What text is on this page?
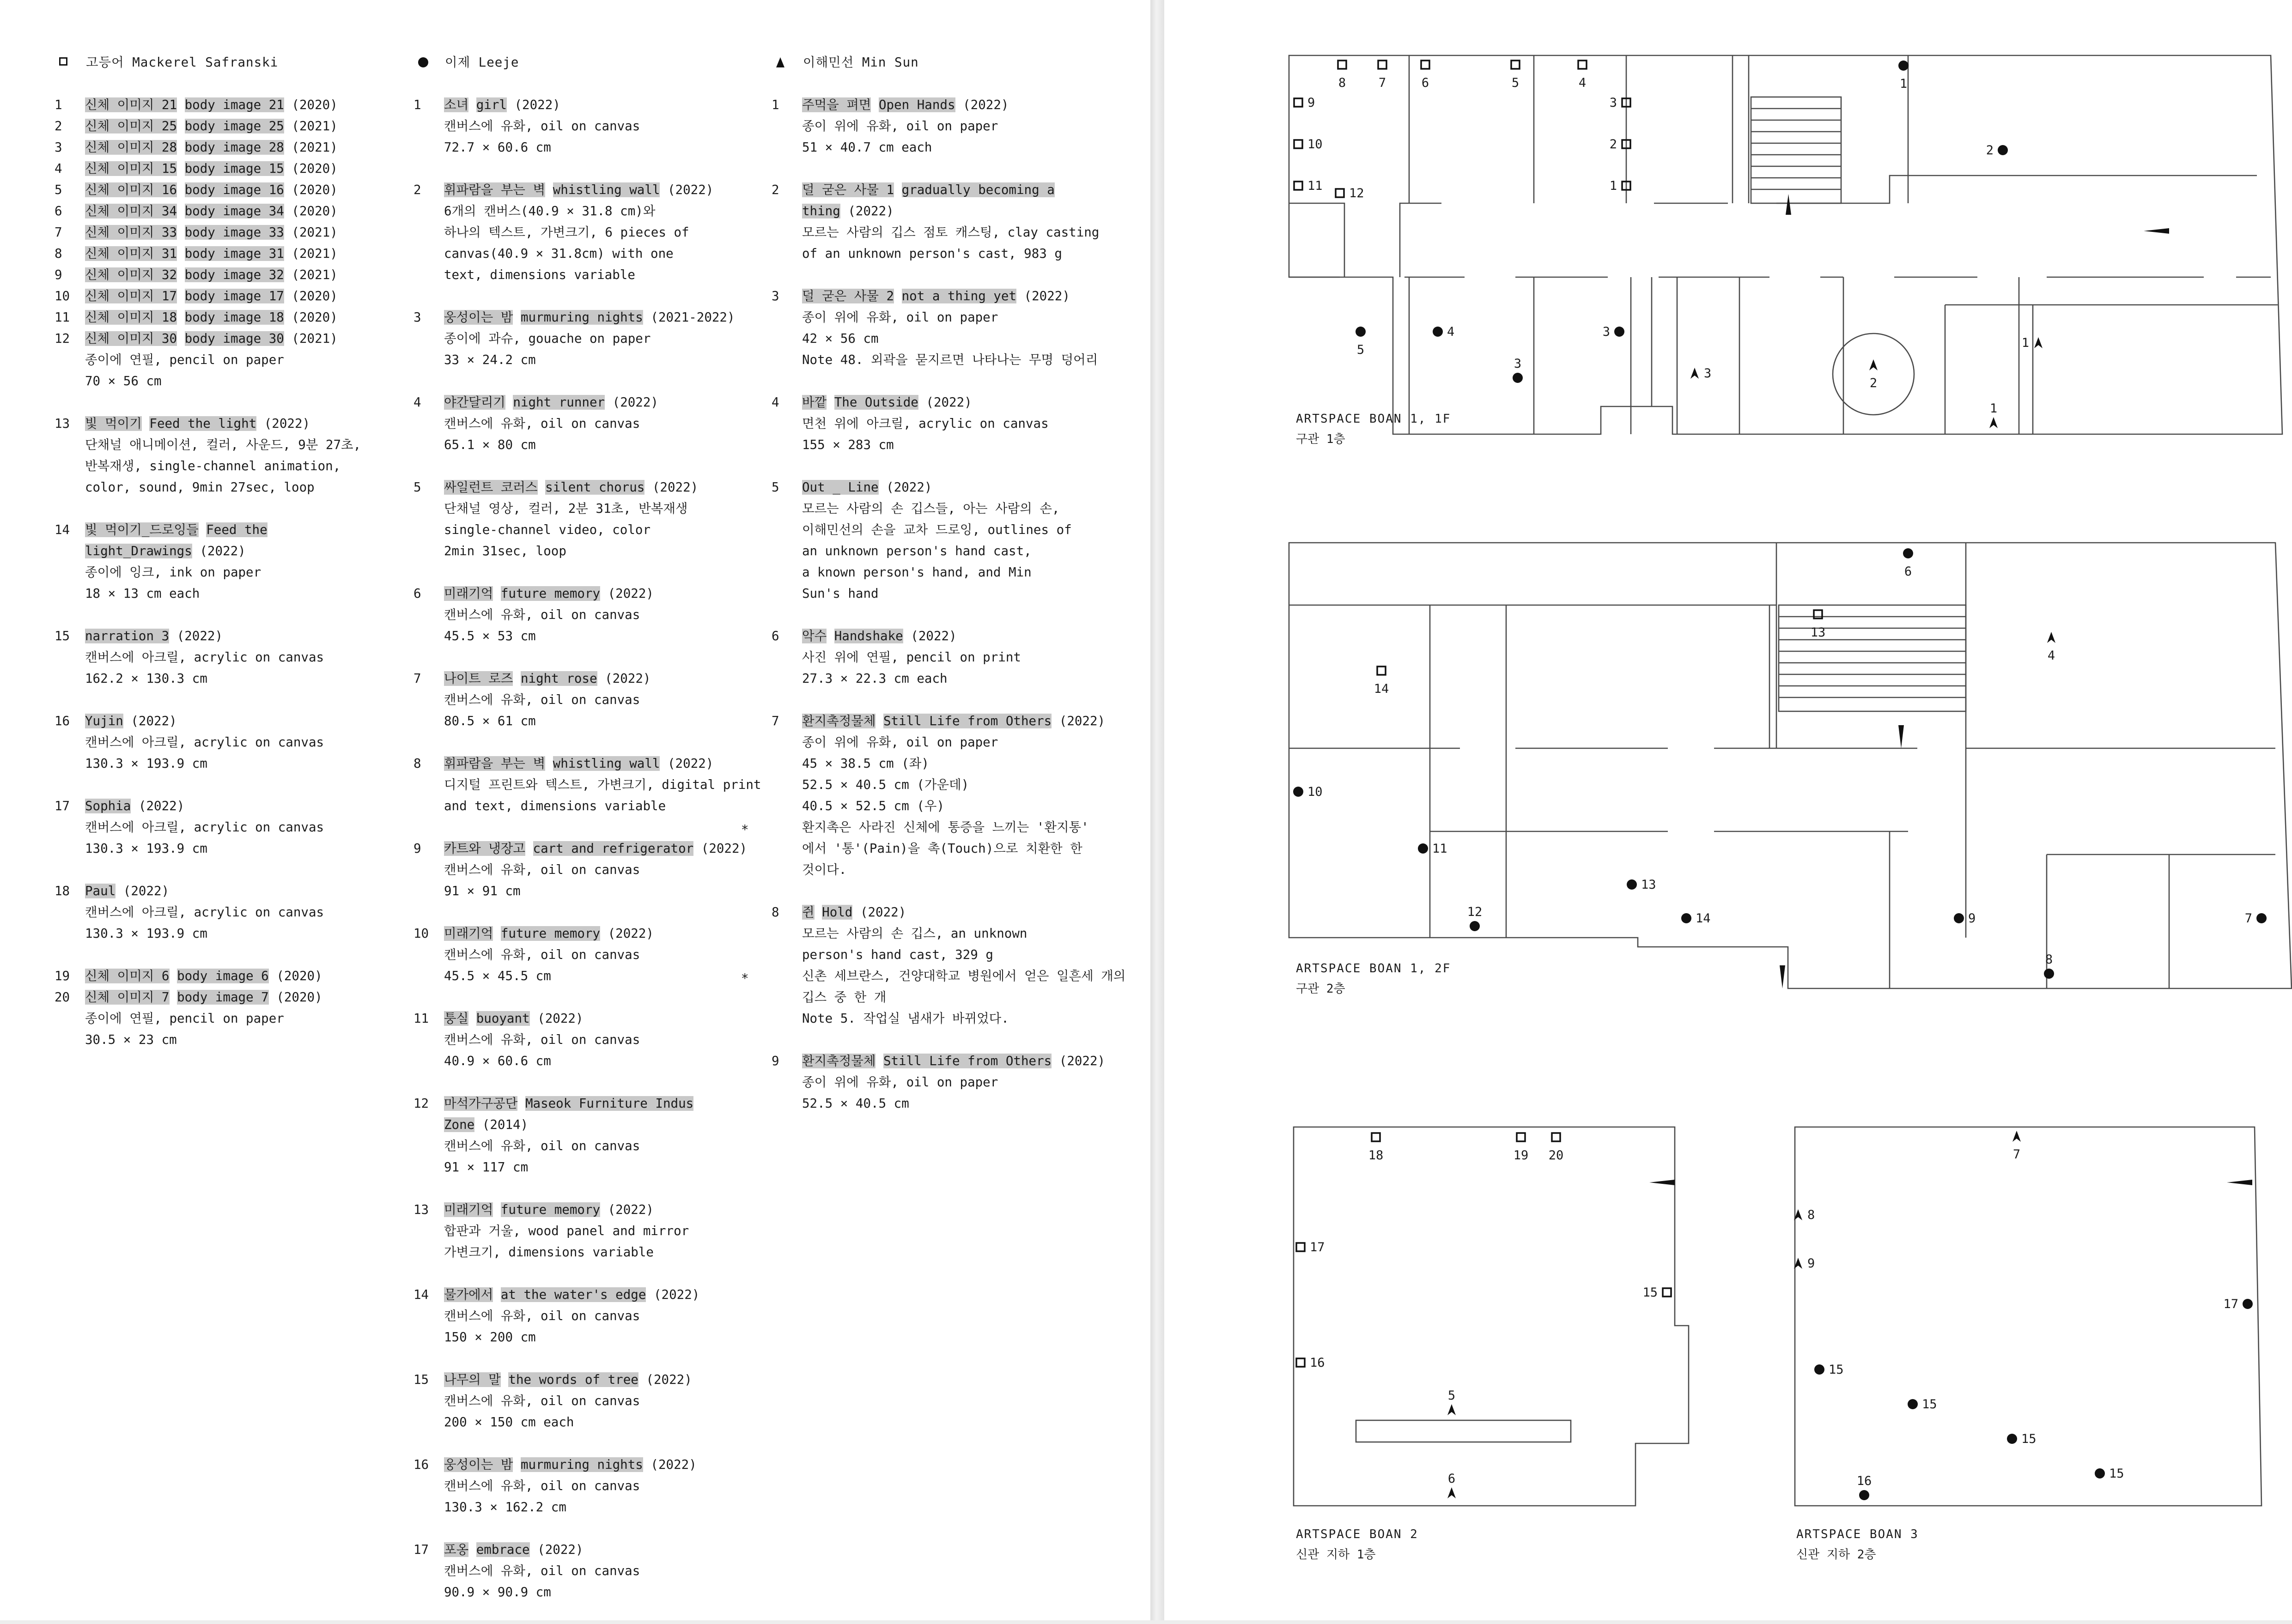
고등어 Mackerel Safranski
1 신체 이미지 21 body image 21 (2020)
2 신체 이미지 25 body image 25 (2021)
3 신체 이미지 28 body image 28 (2021)
4 신체 이미지 15 body image 15 (2020)
5 신체 이미지 16 body image 16 (2020)
6 신체 이미지 34 body image 34 (2020)
7 신체 이미지 33 body image 33 (2021)
8 신체 이미지 31 body image 31 (2021)
9 신체 이미지 32 body image 32 (2021)
10 신체 이미지 17 body image 17 (2020)
11 신체 이미지 18 body image 18 (2020)
12 신체 이미지 30 body image 30 (2021)
종이에 연필, pencil on paper
70 × 56 cm
13 빛 먹이기 Feed the light (2022)
단채널 애니메이션, 컬러, 사운드, 9분 27초,
반복재생, single-channel animation,
color, sound, 9min 27sec, loop
14 빛 먹이기_드로잉들 Feed the
light_Drawings (2022)
종이에 잉크, ink on paper
18 × 13 cm each
15 narration 3 (2022)
캔버스에 아크릴, acrylic on canvas
162.2 × 130.3 cm
16 Yujin (2022)
캔버스에 아크릴, acrylic on canvas
130.3 × 193.9 cm
17 Sophia (2022)
캔버스에 아크릴, acrylic on canvas
130.3 × 193.9 cm
18 Paul (2022)
캔버스에 아크릴, acrylic on canvas
130.3 × 193.9 cm
19 신체 이미지 6 body image 6 (2020)
20 신체 이미지 7 body image 7 (2020)
종이에 연필, pencil on paper
30.5 × 23 cm
이제 Leeje
1 소녀 girl (2022)
캔버스에 유화, oil on canvas
72.7 × 60.6 cm
2 휘파람을 부는 벽 whistling wall (2022)
6개의 캔버스(40.9 × 31.8 cm)와
하나의 텍스트, 가변크기, 6 pieces of
canvas(40.9 × 31.8cm) with one
text, dimensions variable
3 웅성이는 밤 murmuring nights (2021-2022)
종이에 과슈, gouache on paper
33 × 24.2 cm
4 야간달리기 night runner (2022)
캔버스에 유화, oil on canvas
65.1 × 80 cm
5 싸일런트 코러스 silent chorus (2022)
단채널 영상, 컬러, 2분 31초, 반복재생
single-channel video, color
2min 31sec, loop
6 미래기억 future memory (2022)
캔버스에 유화, oil on canvas
45.5 × 53 cm
7 나이트 로즈 night rose (2022)
캔버스에 유화, oil on canvas
80.5 × 61 cm
8 휘파람을 부는 벽 whistling wall (2022)
디지털 프린트와 텍스트, 가변크기, digital print
and text, dimensions variable
9 카트와 냉장고 cart and refrigerator (2022)
캔버스에 유화, oil on canvas
91 × 91 cm
10 미래기억 future memory (2022)
캔버스에 유화, oil on canvas
45.5 × 45.5 cm
11 퉁실 buoyant (2022)
캔버스에 유화, oil on canvas
40.9 × 60.6 cm
12 마석가구공단 Maseok Furniture Indus
Zone (2014)
캔버스에 유화, oil on canvas
91 × 117 cm
13 미래기억 future memory (2022)
합판과 거울, wood panel and mirror
가변크기, dimensions variable
14 물가에서 at the water's edge (2022)
캔버스에 유화, oil on canvas
150 × 200 cm
15 나무의 말 the words of tree (2022)
캔버스에 유화, oil on canvas
200 × 150 cm each
16 웅성이는 밤 murmuring nights (2022)
캔버스에 유화, oil on canvas
130.3 × 162.2 cm
17 포옹 embrace (2022)
캔버스에 유화, oil on canvas
90.9 × 90.9 cm
이해민선 Min Sun
1 주먹을 펴면 Open Hands (2022)
종이 위에 유화, oil on paper
51 × 40.7 cm each
2 덜 굳은 사물 1 gradually becoming a
thing (2022)
모르는 사람의 깁스 점토 캐스팅, clay casting
of an unknown person's cast, 983 g
3 덜 굳은 사물 2 not a thing yet (2022)
종이 위에 유화, oil on paper
42 × 56 cm
Note 48. 외곽을 묻지르면 나타나는 무명 덩어리
4 바깥 The Outside (2022)
면천 위에 아크릴, acrylic on canvas
155 × 283 cm
5 Out _ Line (2022)
모르는 사람의 손 깁스들, 아는 사람의 손,
이해민선의 손을 교차 드로잉, outlines of
an unknown person's hand cast,
a known person's hand, and Min
Sun's hand
6 악수 Handshake (2022)
사진 위에 연필, pencil on print
27.3 × 22.3 cm each
7 환지촉정물체 Still Life from Others (2022)
종이 위에 유화, oil on paper
45 × 38.5 cm (좌)
52.5 × 40.5 cm (가운데)
40.5 × 52.5 cm (우)
환지촉은 사라진 신체에 통증을 느끼는 '환지통'
∗
에서 '통'(Pain)을 촉(Touch)으로 치환한 한
것이다.
8 쥔 Hold (2022)
모르는 사람의 손 깁스, an unknown
person's hand cast, 329 g
신촌 세브란스, 건양대학교 병원에서 얻은 일흔세 개의
∗
깁스 중 한 개
Note 5. 작업실 냄새가 바뀌었다.
9 환지촉정물체 Still Life from Others (2022)
종이 위에 유화, oil on paper
52.5 × 40.5 cm
8	7	6	5	4
9
10
11
12
3
2
1
1
2
5
4	3
3
3
2
1
1
6
13
14
4
10
11
12
13
14	9	7
8
18	19 20
17
15
16
5
6
7
8
9
17
15
15
15
15
16
ARTSPACE BOAN 1, 1F
구관 1층
ARTSPACE BOAN 1, 2F
구관 2층
ARTSPACE BOAN 2
신관 지하 1층
ARTSPACE BOAN 3
신관 지하 2층
